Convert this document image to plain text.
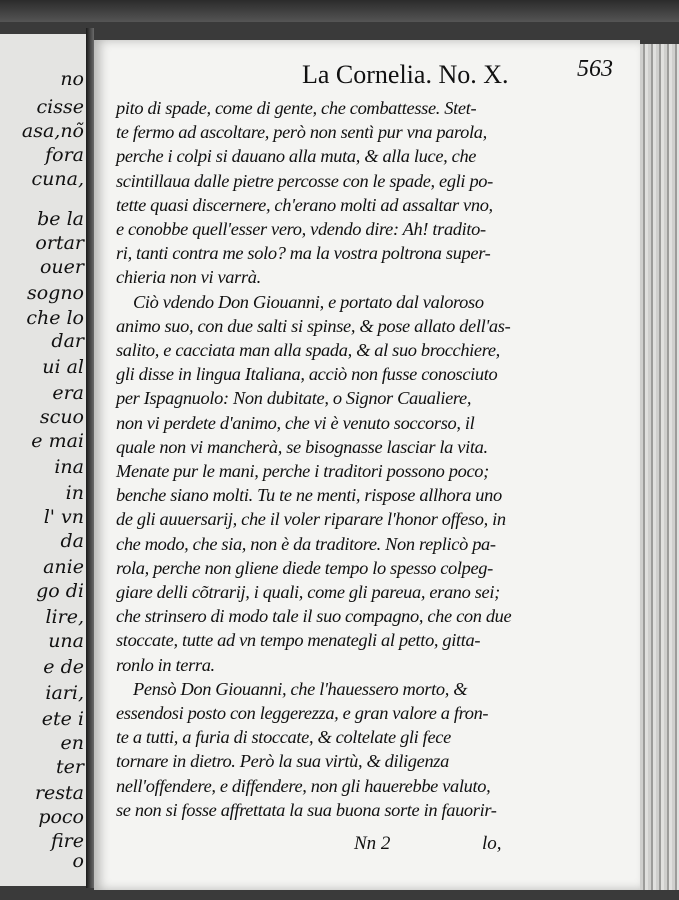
no
cisse
asa,nõ
fora
cuna,
be la
ortar
ouer
sogno
che lo
dar
ui al
era
scuo
e mai
ina
in
l' vn
da
anie
go di
lire,
una
e de
iari,
ete i
en
ter
resta
poco
fire
o
La Cornelia. No. X.	563
pito di spade, come di gente, che combattesse. Stet-
te fermo ad ascoltare, però non sentì pur vna parola,
perche i colpi si dauano alla muta, & alla luce, che
scintillaua dalle pietre percosse con le spade, egli po-
tette quasi discernere, ch'erano molti ad assaltar vno,
e conobbe quell'esser vero, vdendo dire: Ah! tradito-
ri, tanti contra me solo? ma la vostra poltrona super-
chieria non vi varrà.
Ciò vdendo Don Giouanni, e portato dal valoroso
animo suo, con due salti si spinse, & pose allato dell'as-
salito, e cacciata man alla spada, & al suo brocchiere,
gli disse in lingua Italiana, acciò non fusse conosciuto
per Ispagnuolo: Non dubitate, o Signor Caualiere,
non vi perdete d'animo, che vi è venuto soccorso, il
quale non vi mancherà, se bisognasse lasciar la vita.
Menate pur le mani, perche i traditori possono poco;
benche siano molti. Tu te ne menti, rispose allhora uno
de gli auuersarij, che il voler riparare l'honor offeso, in
che modo, che sia, non è da traditore. Non replicò pa-
rola, perche non gliene diede tempo lo spesso colpeg-
giare delli cõtrarij, i quali, come gli pareua, erano sei;
che strinsero di modo tale il suo compagno, che con due
stoccate, tutte ad vn tempo menategli al petto, gitta-
ronlo in terra.
Pensò Don Giouanni, che l'hauessero morto, &
essendosi posto con leggerezza, e gran valore a fron-
te a tutti, a furia di stoccate, & coltelate gli fece
tornare in dietro. Però la sua virtù, & diligenza
nell'offendere, e diffendere, non gli hauerebbe valuto,
se non si fosse affrettata la sua buona sorte in fauorir-
Nn 2	lo,
